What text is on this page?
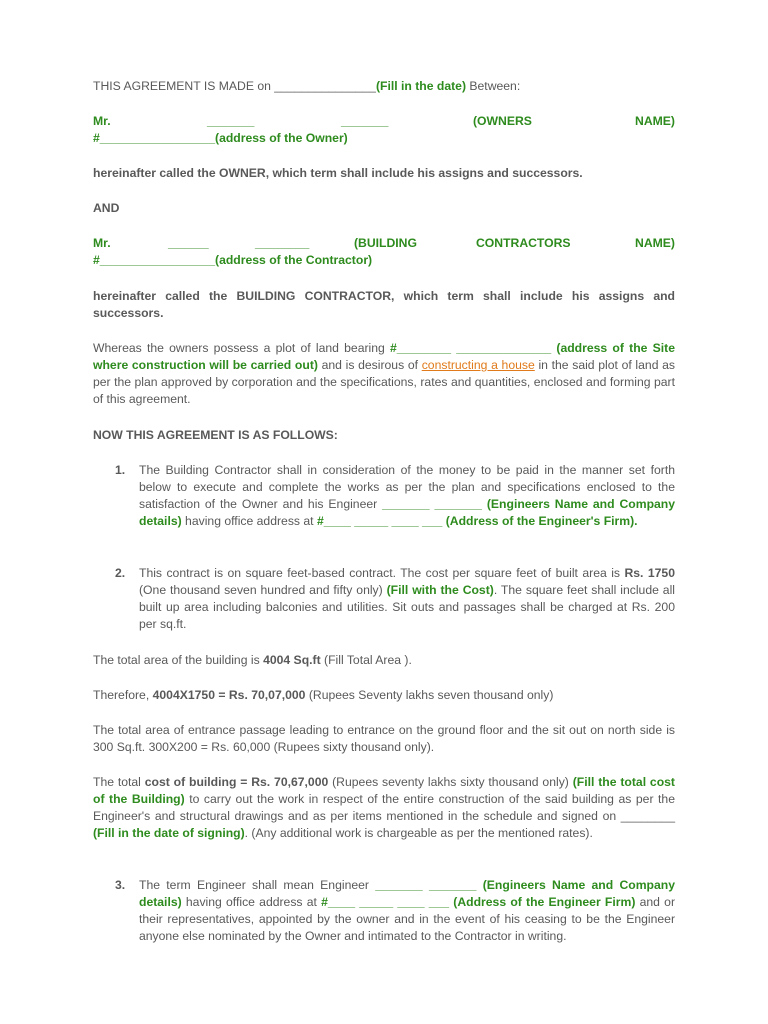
THIS AGREEMENT IS MADE on _______________(Fill in the date) Between:

Mr.	_______	_______	(OWNERS	NAME)

#_________________(address of the Owner)

hereinafter called the OWNER, which term shall include his assigns and successors.

AND

Mr.	______	________	(BUILDING	CONTRACTORS	NAME)

#_________________(address of the Contractor)

hereinafter called the BUILDING CONTRACTOR, which term shall include his assigns and successors.

Whereas the owners possess a plot of land bearing #________ ______________ (address of the Site where construction will be carried out) and is desirous of constructing a house in the said plot of land as per the plan approved by corporation and the specifications, rates and quantities, enclosed and forming part of this agreement.

NOW THIS AGREEMENT IS AS FOLLOWS:

1. The Building Contractor shall in consideration of the money to be paid in the manner set forth below to execute and complete the works as per the plan and specifications enclosed to the satisfaction of the Owner and his Engineer _______ _______ (Engineers Name and Company details) having office address at #____ _____ ____ ___ (Address of the Engineer's Firm).

2. This contract is on square feet-based contract. The cost per square feet of built area is Rs. 1750 (One thousand seven hundred and fifty only) (Fill with the Cost). The square feet shall include all built up area including balconies and utilities. Sit outs and passages shall be charged at Rs. 200 per sq.ft.

The total area of the building is 4004 Sq.ft (Fill Total Area ).

Therefore, 4004X1750 = Rs. 70,07,000 (Rupees Seventy lakhs seven thousand only)

The total area of entrance passage leading to entrance on the ground floor and the sit out on north side is 300 Sq.ft. 300X200 = Rs. 60,000 (Rupees sixty thousand only).

The total cost of building = Rs. 70,67,000 (Rupees seventy lakhs sixty thousand only) (Fill the total cost of the Building) to carry out the work in respect of the entire construction of the said building as per the Engineer's and structural drawings and as per items mentioned in the schedule and signed on ________ (Fill in the date of signing). (Any additional work is chargeable as per the mentioned rates).

3. The term Engineer shall mean Engineer _______ _______ (Engineers Name and Company details) having office address at #____ _____ ____ ___ (Address of the Engineer Firm) and or their representatives, appointed by the owner and in the event of his ceasing to be the Engineer anyone else nominated by the Owner and intimated to the Contractor in writing.
